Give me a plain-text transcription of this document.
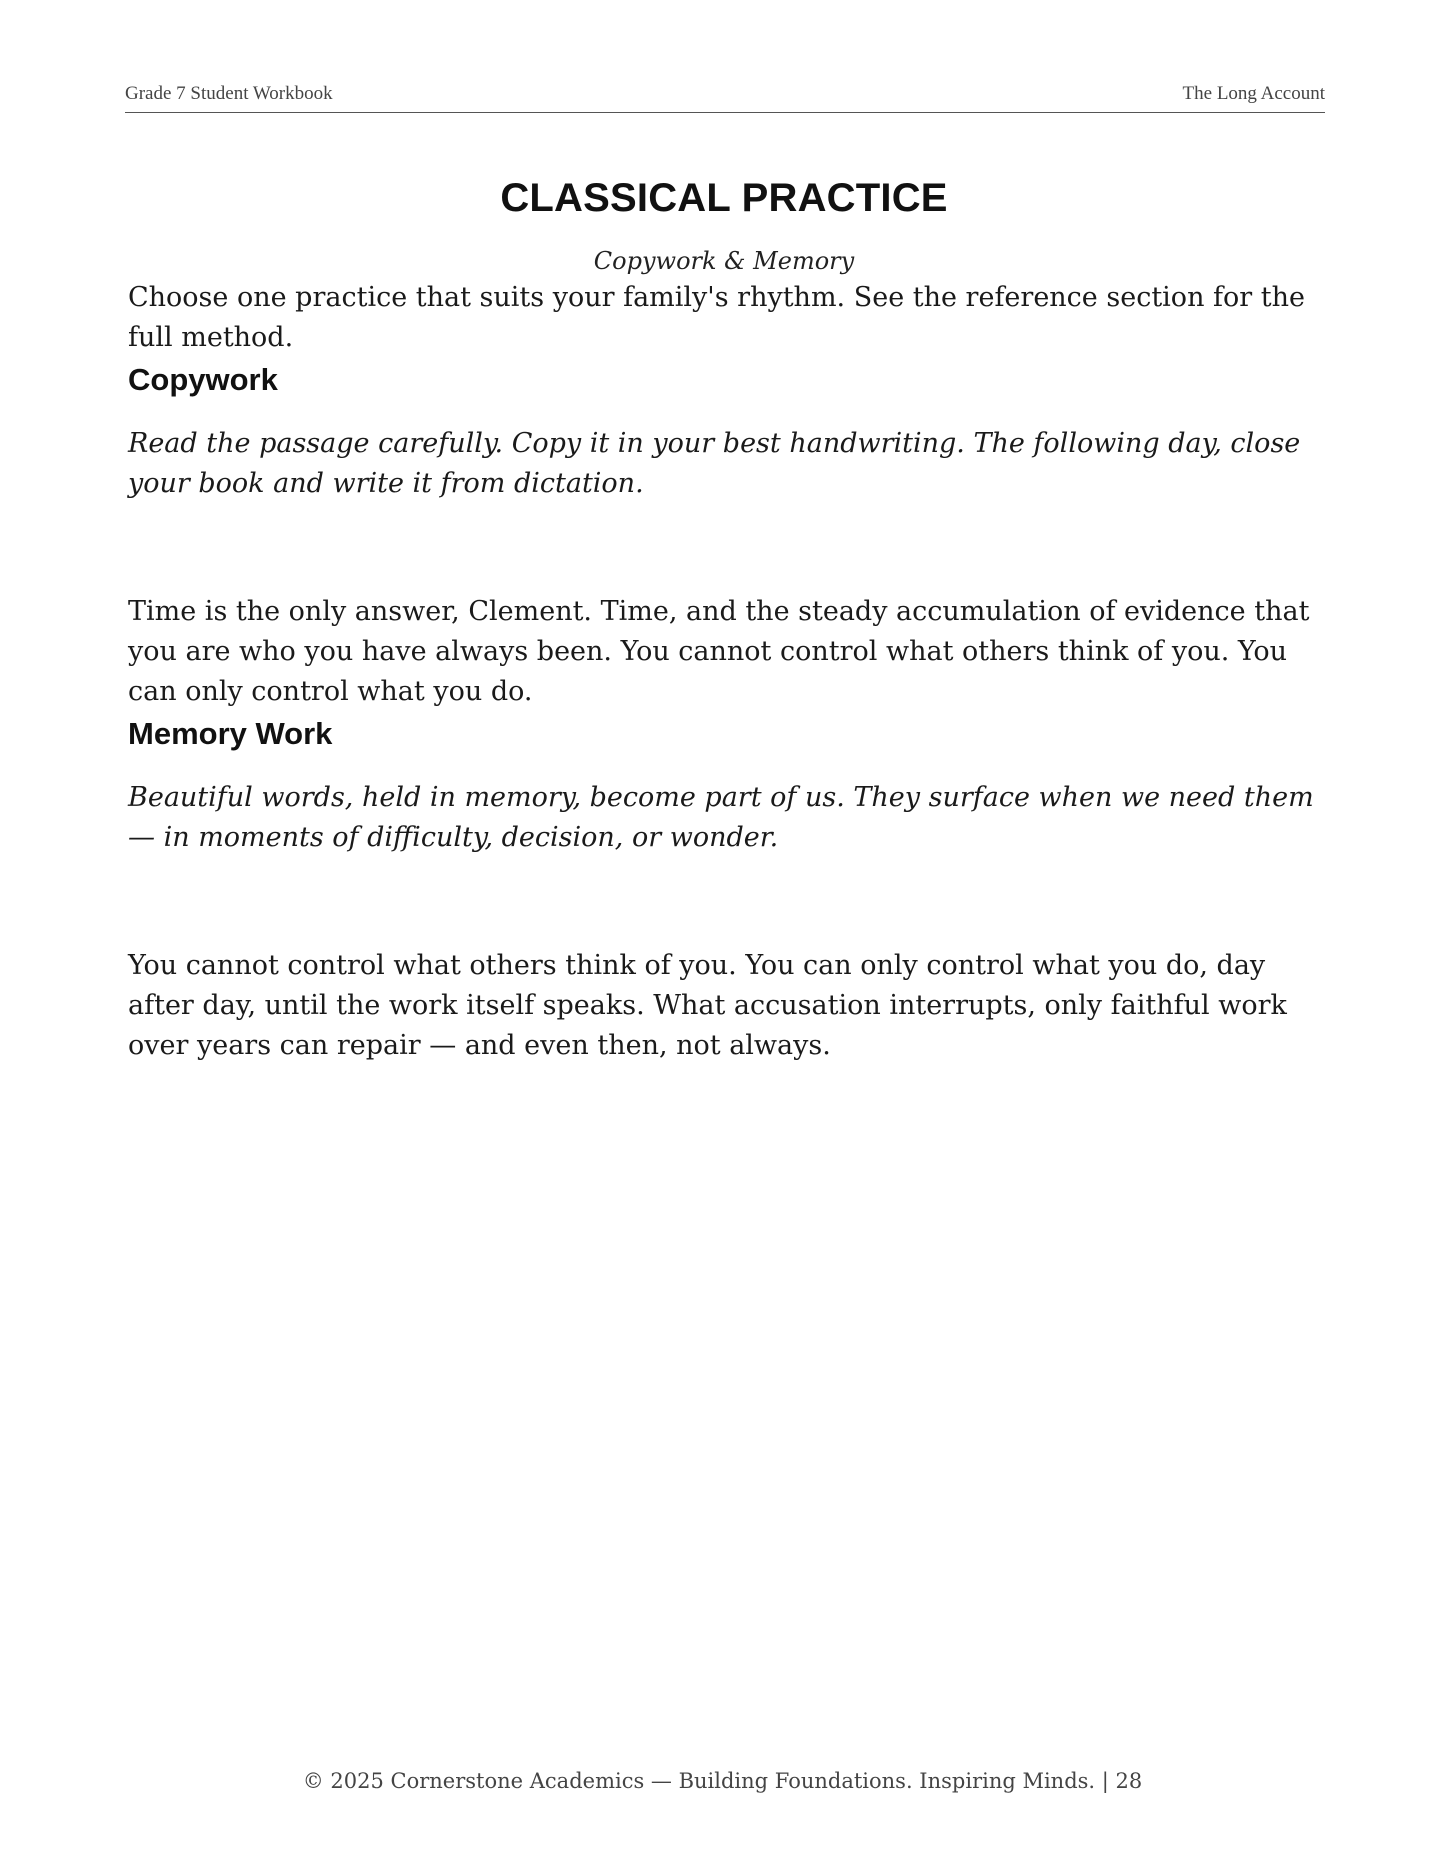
Grade 7 Student Workbook	The Long Account
CLASSICAL PRACTICE
Copywork & Memory

Choose one practice that suits your family's rhythm. See the reference section for the full method.

Copywork

Read the passage carefully. Copy it in your best handwriting. The following day, close your book and write it from dictation.

Time is the only answer, Clement. Time, and the steady accumulation of evidence that you are who you have always been. You cannot control what others think of you. You can only control what you do.

Memory Work

Beautiful words, held in memory, become part of us. They surface when we need them — in moments of difficulty, decision, or wonder.

You cannot control what others think of you. You can only control what you do, day after day, until the work itself speaks. What accusation interrupts, only faithful work over years can repair — and even then, not always.

© 2025 Cornerstone Academics — Building Foundations. Inspiring Minds. | 28
